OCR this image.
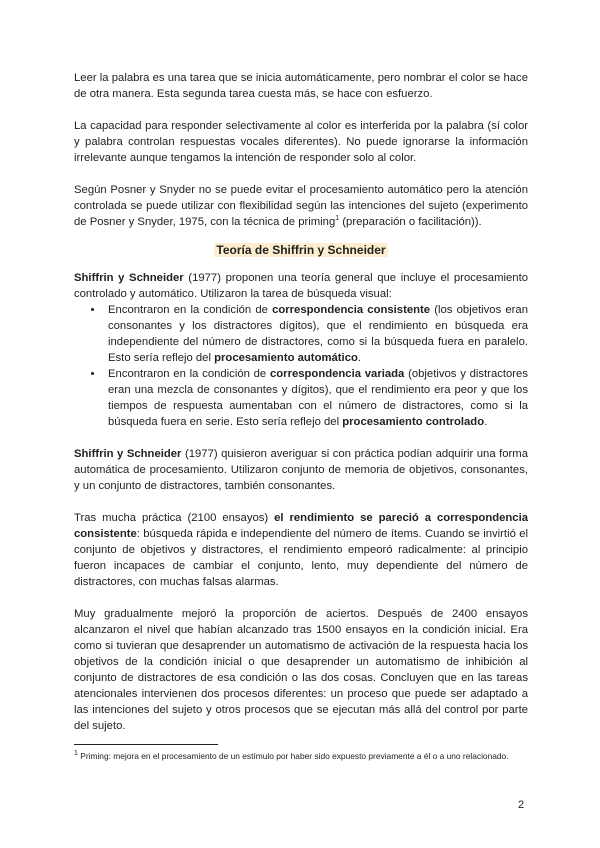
Leer la palabra es una tarea que se inicia automáticamente, pero nombrar el color se hace de otra manera. Esta segunda tarea cuesta más, se hace con esfuerzo.

La capacidad para responder selectivamente al color es interferida por la palabra (sí color y palabra controlan respuestas vocales diferentes). No puede ignorarse la información irrelevante aunque tengamos la intención de responder solo al color.

Según Posner y Snyder no se puede evitar el procesamiento automático pero la atención controlada se puede utilizar con flexibilidad según las intenciones del sujeto (experimento de Posner y Snyder, 1975, con la técnica de priming$^1$ (preparación o facilitación)).

Teoría de Shiffrin y Schneider

Shiffrin y Schneider (1977) proponen una teoría general que incluye el procesamiento controlado y automático. Utilizaron la tarea de búsqueda visual:

• Encontraron en la condición de correspondencia consistente (los objetivos eran consonantes y los distractores dígitos), que el rendimiento en búsqueda era independiente del número de distractores, como si la búsqueda fuera en paralelo. Esto sería reflejo del procesamiento automático.
• Encontraron en la condición de correspondencia variada (objetivos y distractores eran una mezcla de consonantes y dígitos), que el rendimiento era peor y que los tiempos de respuesta aumentaban con el número de distractores, como si la búsqueda fuera en serie. Esto sería reflejo del procesamiento controlado.

Shiffrin y Schneider (1977) quisieron averiguar si con práctica podían adquirir una forma automática de procesamiento. Utilizaron conjunto de memoria de objetivos, consonantes, y un conjunto de distractores, también consonantes.

Tras mucha práctica (2100 ensayos) el rendimiento se pareció a correspondencia consistente: búsqueda rápida e independiente del número de ítems. Cuando se invirtió el conjunto de objetivos y distractores, el rendimiento empeoró radicalmente: al principio fueron incapaces de cambiar el conjunto, lento, muy dependiente del número de distractores, con muchas falsas alarmas.

Muy gradualmente mejoró la proporción de aciertos. Después de 2400 ensayos alcanzaron el nivel que habían alcanzado tras 1500 ensayos en la condición inicial. Era como si tuvieran que desaprender un automatismo de activación de la respuesta hacia los objetivos de la condición inicial o que desaprender un automatismo de inhibición al conjunto de distractores de esa condición o las dos cosas. Concluyen que en las tareas atencionales intervienen dos procesos diferentes: un proceso que puede ser adaptado a las intenciones del sujeto y otros procesos que se ejecutan más allá del control por parte del sujeto.

$^1$ Priming: mejora en el procesamiento de un estímulo por haber sido expuesto previamente a él o a uno relacionado.
2
